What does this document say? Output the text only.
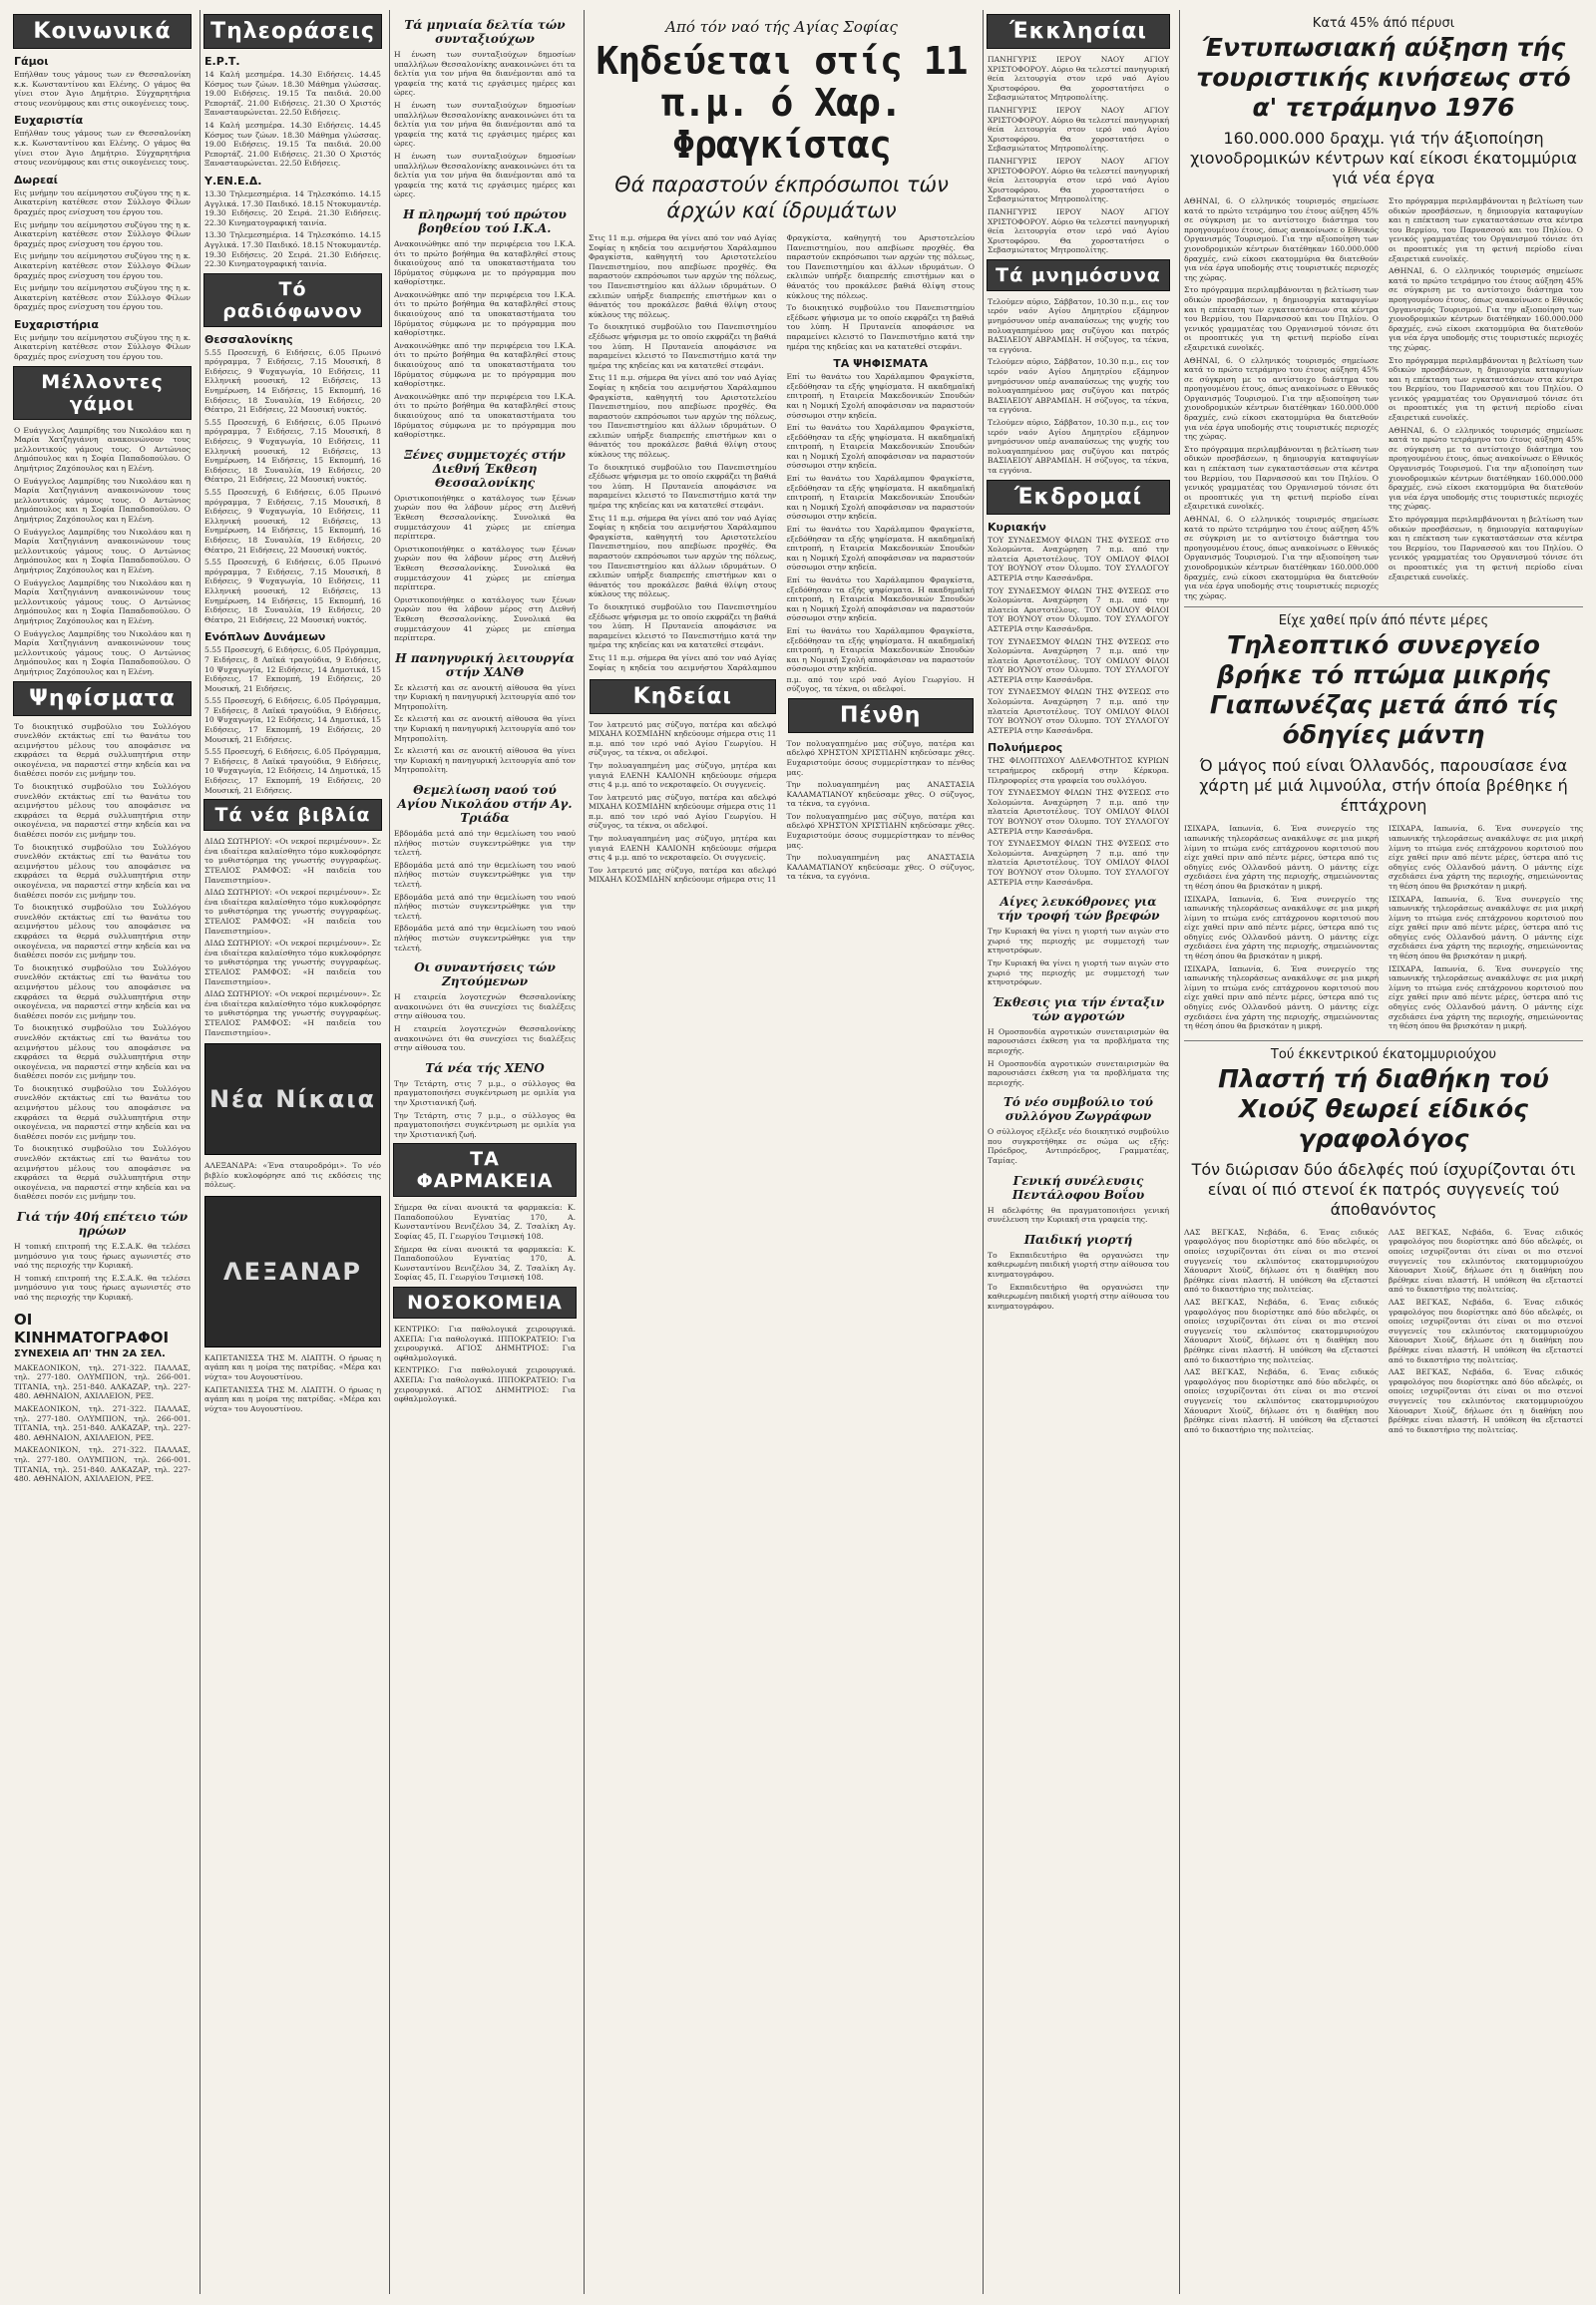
Κοινωνικά
Γάμοι

Επήλθαν τους γάμους των εν Θεσσαλονίκη κ.κ. Κωνσταντίνου και Ελένης. Ο γάμος θα γίνει στον Άγιο Δημήτριο. Σύγχαρητήρια στους νεονύμφους και στις οικογένειες τους.

Ευχαριστία

Επήλθαν τους γάμους των εν Θεσσαλονίκη κ.κ. Κωνσταντίνου και Ελένης. Ο γάμος θα γίνει στον Άγιο Δημήτριο. Σύγχαρητήρια στους νεονύμφους και στις οικογένειες τους.

Δωρεαί

Εις μνήμην του αείμνηστου συζύγου της η κ. Αικατερίνη κατέθεσε στον Σύλλογο Φίλων δραχμές προς ενίσχυση του έργου του.

Εις μνήμην του αείμνηστου συζύγου της η κ. Αικατερίνη κατέθεσε στον Σύλλογο Φίλων δραχμές προς ενίσχυση του έργου του.

Εις μνήμην του αείμνηστου συζύγου της η κ. Αικατερίνη κατέθεσε στον Σύλλογο Φίλων δραχμές προς ενίσχυση του έργου του.

Εις μνήμην του αείμνηστου συζύγου της η κ. Αικατερίνη κατέθεσε στον Σύλλογο Φίλων δραχμές προς ενίσχυση του έργου του.

Ευχαριστήρια

Εις μνήμην του αείμνηστου συζύγου της η κ. Αικατερίνη κατέθεσε στον Σύλλογο Φίλων δραχμές προς ενίσχυση του έργου του.

Μέλλοντες γάμοι

Ο Ευάγγελος Λαμπρίδης του Νικολάου και η Μαρία Χατζηγιάννη ανακοινώνουν τους μελλοντικούς γάμους τους. Ο Αντώνιος Δημόπουλος και η Σοφία Παπαδοπούλου. Ο Δημήτριος Ζαχόπουλος και η Ελένη.

Ο Ευάγγελος Λαμπρίδης του Νικολάου και η Μαρία Χατζηγιάννη ανακοινώνουν τους μελλοντικούς γάμους τους. Ο Αντώνιος Δημόπουλος και η Σοφία Παπαδοπούλου. Ο Δημήτριος Ζαχόπουλος και η Ελένη.

Ο Ευάγγελος Λαμπρίδης του Νικολάου και η Μαρία Χατζηγιάννη ανακοινώνουν τους μελλοντικούς γάμους τους. Ο Αντώνιος Δημόπουλος και η Σοφία Παπαδοπούλου. Ο Δημήτριος Ζαχόπουλος και η Ελένη.

Ο Ευάγγελος Λαμπρίδης του Νικολάου και η Μαρία Χατζηγιάννη ανακοινώνουν τους μελλοντικούς γάμους τους. Ο Αντώνιος Δημόπουλος και η Σοφία Παπαδοπούλου. Ο Δημήτριος Ζαχόπουλος και η Ελένη.

Ο Ευάγγελος Λαμπρίδης του Νικολάου και η Μαρία Χατζηγιάννη ανακοινώνουν τους μελλοντικούς γάμους τους. Ο Αντώνιος Δημόπουλος και η Σοφία Παπαδοπούλου. Ο Δημήτριος Ζαχόπουλος και η Ελένη.

Ψηφίσματα

Το διοικητικό συμβούλιο του Συλλόγου συνελθόν εκτάκτως επί τω θανάτω του αειμνήστου μέλους του αποφάσισε να εκφράσει τα θερμά συλλυπητήρια στην οικογένεια, να παραστεί στην κηδεία και να διαθέσει ποσόν εις μνήμην του.

Το διοικητικό συμβούλιο του Συλλόγου συνελθόν εκτάκτως επί τω θανάτω του αειμνήστου μέλους του αποφάσισε να εκφράσει τα θερμά συλλυπητήρια στην οικογένεια, να παραστεί στην κηδεία και να διαθέσει ποσόν εις μνήμην του.

Το διοικητικό συμβούλιο του Συλλόγου συνελθόν εκτάκτως επί τω θανάτω του αειμνήστου μέλους του αποφάσισε να εκφράσει τα θερμά συλλυπητήρια στην οικογένεια, να παραστεί στην κηδεία και να διαθέσει ποσόν εις μνήμην του.

Το διοικητικό συμβούλιο του Συλλόγου συνελθόν εκτάκτως επί τω θανάτω του αειμνήστου μέλους του αποφάσισε να εκφράσει τα θερμά συλλυπητήρια στην οικογένεια, να παραστεί στην κηδεία και να διαθέσει ποσόν εις μνήμην του.

Το διοικητικό συμβούλιο του Συλλόγου συνελθόν εκτάκτως επί τω θανάτω του αειμνήστου μέλους του αποφάσισε να εκφράσει τα θερμά συλλυπητήρια στην οικογένεια, να παραστεί στην κηδεία και να διαθέσει ποσόν εις μνήμην του.

Το διοικητικό συμβούλιο του Συλλόγου συνελθόν εκτάκτως επί τω θανάτω του αειμνήστου μέλους του αποφάσισε να εκφράσει τα θερμά συλλυπητήρια στην οικογένεια, να παραστεί στην κηδεία και να διαθέσει ποσόν εις μνήμην του.

Το διοικητικό συμβούλιο του Συλλόγου συνελθόν εκτάκτως επί τω θανάτω του αειμνήστου μέλους του αποφάσισε να εκφράσει τα θερμά συλλυπητήρια στην οικογένεια, να παραστεί στην κηδεία και να διαθέσει ποσόν εις μνήμην του.

Το διοικητικό συμβούλιο του Συλλόγου συνελθόν εκτάκτως επί τω θανάτω του αειμνήστου μέλους του αποφάσισε να εκφράσει τα θερμά συλλυπητήρια στην οικογένεια, να παραστεί στην κηδεία και να διαθέσει ποσόν εις μνήμην του.

Γιά τήν 40ή επέτειο τών ηρώων

Η τοπική επιτροπή της Ε.Σ.Α.Κ. θα τελέσει μνημόσυνο για τους ήρωες αγωνιστές στο ναό της περιοχής την Κυριακή.

Η τοπική επιτροπή της Ε.Σ.Α.Κ. θα τελέσει μνημόσυνο για τους ήρωες αγωνιστές στο ναό της περιοχής την Κυριακή.

ΟΙ ΚΙΝΗΜΑΤΟΓΡΑΦΟΙ
ΣΥΝΕΧΕΙΑ ΑΠ' ΤΗΝ 2Α ΣΕΛ.

ΜΑΚΕΔΟΝΙΚΟΝ, τηλ. 271-322. ΠΑΛΛΑΣ, τηλ. 277-180. ΟΛΥΜΠΙΟΝ, τηλ. 266-001. ΤΙΤΑΝΙΑ, τηλ. 251-840. ΑΛΚΑΖΑΡ, τηλ. 227-480. ΑΘΗΝΑΙΟΝ, ΑΧΙΛΛΕΙΟΝ, ΡΕΞ.

ΜΑΚΕΔΟΝΙΚΟΝ, τηλ. 271-322. ΠΑΛΛΑΣ, τηλ. 277-180. ΟΛΥΜΠΙΟΝ, τηλ. 266-001. ΤΙΤΑΝΙΑ, τηλ. 251-840. ΑΛΚΑΖΑΡ, τηλ. 227-480. ΑΘΗΝΑΙΟΝ, ΑΧΙΛΛΕΙΟΝ, ΡΕΞ.

ΜΑΚΕΔΟΝΙΚΟΝ, τηλ. 271-322. ΠΑΛΛΑΣ, τηλ. 277-180. ΟΛΥΜΠΙΟΝ, τηλ. 266-001. ΤΙΤΑΝΙΑ, τηλ. 251-840. ΑΛΚΑΖΑΡ, τηλ. 227-480. ΑΘΗΝΑΙΟΝ, ΑΧΙΛΛΕΙΟΝ, ΡΕΞ.

Τηλεοράσεις
Ε.Ρ.Τ.

14 Καλή μεσημέρα. 14.30 Ειδήσεις. 14.45 Κόσμος των ζώων. 18.30 Μάθημα γλώσσας. 19.00 Ειδήσεις. 19.15 Τα παιδιά. 20.00 Ρεπορτάζ. 21.00 Ειδήσεις. 21.30 Ο Χριστός Ξανασταυρώνεται. 22.50 Ειδήσεις.

14 Καλή μεσημέρα. 14.30 Ειδήσεις. 14.45 Κόσμος των ζώων. 18.30 Μάθημα γλώσσας. 19.00 Ειδήσεις. 19.15 Τα παιδιά. 20.00 Ρεπορτάζ. 21.00 Ειδήσεις. 21.30 Ο Χριστός Ξανασταυρώνεται. 22.50 Ειδήσεις.

Υ.ΕΝ.Ε.Δ.

13.30 Τηλεμεσημέρια. 14 Τηλεσκόπιο. 14.15 Αγγλικά. 17.30 Παιδικό. 18.15 Ντοκυμαντέρ. 19.30 Ειδήσεις. 20 Σειρά. 21.30 Ειδήσεις. 22.30 Κινηματογραφική ταινία.

13.30 Τηλεμεσημέρια. 14 Τηλεσκόπιο. 14.15 Αγγλικά. 17.30 Παιδικό. 18.15 Ντοκυμαντέρ. 19.30 Ειδήσεις. 20 Σειρά. 21.30 Ειδήσεις. 22.30 Κινηματογραφική ταινία.

Τό ραδιόφωνον
Θεσσαλονίκης

5.55 Προσευχή, 6 Ειδήσεις, 6.05 Πρωινό πρόγραμμα, 7 Ειδήσεις, 7.15 Μουσική, 8 Ειδήσεις, 9 Ψυχαγωγία, 10 Ειδήσεις, 11 Ελληνική μουσική, 12 Ειδήσεις, 13 Ενημέρωση, 14 Ειδήσεις, 15 Εκπομπή, 16 Ειδήσεις, 18 Συναυλία, 19 Ειδήσεις, 20 Θέατρο, 21 Ειδήσεις, 22 Μουσική νυκτός.

5.55 Προσευχή, 6 Ειδήσεις, 6.05 Πρωινό πρόγραμμα, 7 Ειδήσεις, 7.15 Μουσική, 8 Ειδήσεις, 9 Ψυχαγωγία, 10 Ειδήσεις, 11 Ελληνική μουσική, 12 Ειδήσεις, 13 Ενημέρωση, 14 Ειδήσεις, 15 Εκπομπή, 16 Ειδήσεις, 18 Συναυλία, 19 Ειδήσεις, 20 Θέατρο, 21 Ειδήσεις, 22 Μουσική νυκτός.

5.55 Προσευχή, 6 Ειδήσεις, 6.05 Πρωινό πρόγραμμα, 7 Ειδήσεις, 7.15 Μουσική, 8 Ειδήσεις, 9 Ψυχαγωγία, 10 Ειδήσεις, 11 Ελληνική μουσική, 12 Ειδήσεις, 13 Ενημέρωση, 14 Ειδήσεις, 15 Εκπομπή, 16 Ειδήσεις, 18 Συναυλία, 19 Ειδήσεις, 20 Θέατρο, 21 Ειδήσεις, 22 Μουσική νυκτός.

5.55 Προσευχή, 6 Ειδήσεις, 6.05 Πρωινό πρόγραμμα, 7 Ειδήσεις, 7.15 Μουσική, 8 Ειδήσεις, 9 Ψυχαγωγία, 10 Ειδήσεις, 11 Ελληνική μουσική, 12 Ειδήσεις, 13 Ενημέρωση, 14 Ειδήσεις, 15 Εκπομπή, 16 Ειδήσεις, 18 Συναυλία, 19 Ειδήσεις, 20 Θέατρο, 21 Ειδήσεις, 22 Μουσική νυκτός.

Ενόπλων Δυνάμεων

5.55 Προσευχή, 6 Ειδήσεις, 6.05 Πρόγραμμα, 7 Ειδήσεις, 8 Λαϊκά τραγούδια, 9 Ειδήσεις, 10 Ψυχαγωγία, 12 Ειδήσεις, 14 Δημοτικά, 15 Ειδήσεις, 17 Εκπομπή, 19 Ειδήσεις, 20 Μουσική, 21 Ειδήσεις.

5.55 Προσευχή, 6 Ειδήσεις, 6.05 Πρόγραμμα, 7 Ειδήσεις, 8 Λαϊκά τραγούδια, 9 Ειδήσεις, 10 Ψυχαγωγία, 12 Ειδήσεις, 14 Δημοτικά, 15 Ειδήσεις, 17 Εκπομπή, 19 Ειδήσεις, 20 Μουσική, 21 Ειδήσεις.

5.55 Προσευχή, 6 Ειδήσεις, 6.05 Πρόγραμμα, 7 Ειδήσεις, 8 Λαϊκά τραγούδια, 9 Ειδήσεις, 10 Ψυχαγωγία, 12 Ειδήσεις, 14 Δημοτικά, 15 Ειδήσεις, 17 Εκπομπή, 19 Ειδήσεις, 20 Μουσική, 21 Ειδήσεις.

Τά νέα βιβλία

ΔΙΔΩ ΣΩΤΗΡΙΟΥ: «Οι νεκροί περιμένουν». Σε ένα ιδιαίτερα καλαίσθητο τόμο κυκλοφόρησε το μυθιστόρημα της γνωστής συγγραφέως. ΣΤΕΛΙΟΣ ΡΑΜΦΟΣ: «Η παιδεία του Πανεπιστημίου».

ΔΙΔΩ ΣΩΤΗΡΙΟΥ: «Οι νεκροί περιμένουν». Σε ένα ιδιαίτερα καλαίσθητο τόμο κυκλοφόρησε το μυθιστόρημα της γνωστής συγγραφέως. ΣΤΕΛΙΟΣ ΡΑΜΦΟΣ: «Η παιδεία του Πανεπιστημίου».

ΔΙΔΩ ΣΩΤΗΡΙΟΥ: «Οι νεκροί περιμένουν». Σε ένα ιδιαίτερα καλαίσθητο τόμο κυκλοφόρησε το μυθιστόρημα της γνωστής συγγραφέως. ΣΤΕΛΙΟΣ ΡΑΜΦΟΣ: «Η παιδεία του Πανεπιστημίου».

ΔΙΔΩ ΣΩΤΗΡΙΟΥ: «Οι νεκροί περιμένουν». Σε ένα ιδιαίτερα καλαίσθητο τόμο κυκλοφόρησε το μυθιστόρημα της γνωστής συγγραφέως. ΣΤΕΛΙΟΣ ΡΑΜΦΟΣ: «Η παιδεία του Πανεπιστημίου».

Νέα Νίκαια

ΑΛΕΞΑΝΔΡΑ: «Ένα σταυροδρόμι». Το νέο βιβλίο κυκλοφόρησε από τις εκδόσεις της πόλεως.

ΛΕΞΑΝΑΡ

ΚΑΠΕΤΑΝΙΣΣΑ ΤΗΣ Μ. ΛΙΑΠΤΗ. Ο ήρωας η αγάπη και η μοίρα της πατρίδας. «Μέρα και νύχτα» του Αυγουστίνου.

ΚΑΠΕΤΑΝΙΣΣΑ ΤΗΣ Μ. ΛΙΑΠΤΗ. Ο ήρωας η αγάπη και η μοίρα της πατρίδας. «Μέρα και νύχτα» του Αυγουστίνου.

Τά μηνιαία δελτία τών συνταξιούχων

Η ένωση των συνταξιούχων δημοσίων υπαλλήλων Θεσσαλονίκης ανακοινώνει ότι τα δελτία για τον μήνα θα διανέμονται από τα γραφεία της κατά τις εργάσιμες ημέρες και ώρες.

Η ένωση των συνταξιούχων δημοσίων υπαλλήλων Θεσσαλονίκης ανακοινώνει ότι τα δελτία για τον μήνα θα διανέμονται από τα γραφεία της κατά τις εργάσιμες ημέρες και ώρες.

Η ένωση των συνταξιούχων δημοσίων υπαλλήλων Θεσσαλονίκης ανακοινώνει ότι τα δελτία για τον μήνα θα διανέμονται από τα γραφεία της κατά τις εργάσιμες ημέρες και ώρες.

Η πληρωμή τού πρώτου βοηθείου τού Ι.Κ.Α.

Ανακοινώθηκε από την περιφέρεια του Ι.Κ.Α. ότι το πρώτο βοήθημα θα καταβληθεί στους δικαιούχους από τα υποκαταστήματα του Ιδρύματος σύμφωνα με το πρόγραμμα που καθορίστηκε.

Ανακοινώθηκε από την περιφέρεια του Ι.Κ.Α. ότι το πρώτο βοήθημα θα καταβληθεί στους δικαιούχους από τα υποκαταστήματα του Ιδρύματος σύμφωνα με το πρόγραμμα που καθορίστηκε.

Ανακοινώθηκε από την περιφέρεια του Ι.Κ.Α. ότι το πρώτο βοήθημα θα καταβληθεί στους δικαιούχους από τα υποκαταστήματα του Ιδρύματος σύμφωνα με το πρόγραμμα που καθορίστηκε.

Ανακοινώθηκε από την περιφέρεια του Ι.Κ.Α. ότι το πρώτο βοήθημα θα καταβληθεί στους δικαιούχους από τα υποκαταστήματα του Ιδρύματος σύμφωνα με το πρόγραμμα που καθορίστηκε.

Ξένες συμμετοχές στήν Διεθνή Έκθεση Θεσσαλονίκης

Οριστικοποιήθηκε ο κατάλογος των ξένων χωρών που θα λάβουν μέρος στη Διεθνή Έκθεση Θεσσαλονίκης. Συνολικά θα συμμετάσχουν 41 χώρες με επίσημα περίπτερα.

Οριστικοποιήθηκε ο κατάλογος των ξένων χωρών που θα λάβουν μέρος στη Διεθνή Έκθεση Θεσσαλονίκης. Συνολικά θα συμμετάσχουν 41 χώρες με επίσημα περίπτερα.

Οριστικοποιήθηκε ο κατάλογος των ξένων χωρών που θα λάβουν μέρος στη Διεθνή Έκθεση Θεσσαλονίκης. Συνολικά θα συμμετάσχουν 41 χώρες με επίσημα περίπτερα.

Η πανηγυρική λειτουργία στήν ΧΑΝΘ

Σε κλειστή και σε ανοικτή αίθουσα θα γίνει την Κυριακή η πανηγυρική λειτουργία από τον Μητροπολίτη.

Σε κλειστή και σε ανοικτή αίθουσα θα γίνει την Κυριακή η πανηγυρική λειτουργία από τον Μητροπολίτη.

Σε κλειστή και σε ανοικτή αίθουσα θα γίνει την Κυριακή η πανηγυρική λειτουργία από τον Μητροπολίτη.

Θεμελίωση ναού τού Αγίου Νικολάου στήν Αγ. Τριάδα

Εβδομάδα μετά από την θεμελίωση του ναού πλήθος πιστών συγκεντρώθηκε για την τελετή.

Εβδομάδα μετά από την θεμελίωση του ναού πλήθος πιστών συγκεντρώθηκε για την τελετή.

Εβδομάδα μετά από την θεμελίωση του ναού πλήθος πιστών συγκεντρώθηκε για την τελετή.

Εβδομάδα μετά από την θεμελίωση του ναού πλήθος πιστών συγκεντρώθηκε για την τελετή.

Οι συναντήσεις τών Ζητούμενων

Η εταιρεία λογοτεχνών Θεσσαλονίκης ανακοινώνει ότι θα συνεχίσει τις διαλέξεις στην αίθουσα του.

Η εταιρεία λογοτεχνών Θεσσαλονίκης ανακοινώνει ότι θα συνεχίσει τις διαλέξεις στην αίθουσα του.

Τά νέα τής ΧΕΝΟ

Την Τετάρτη, στις 7 μ.μ., ο σύλλογος θα πραγματοποιήσει συγκέντρωση με ομιλία για την Χριστιανική ζωή.

Την Τετάρτη, στις 7 μ.μ., ο σύλλογος θα πραγματοποιήσει συγκέντρωση με ομιλία για την Χριστιανική ζωή.

ΤΑ ΦΑΡΜΑΚΕΙΑ

Σήμερα θα είναι ανοικτά τα φαρμακεία: Κ. Παπαδοπούλου Εγνατίας 170, Α. Κωνσταντίνου Βενιζέλου 34, Ζ. Τσαλίκη Αγ. Σοφίας 45, Π. Γεωργίου Τσιμισκή 108.

Σήμερα θα είναι ανοικτά τα φαρμακεία: Κ. Παπαδοπούλου Εγνατίας 170, Α. Κωνσταντίνου Βενιζέλου 34, Ζ. Τσαλίκη Αγ. Σοφίας 45, Π. Γεωργίου Τσιμισκή 108.

ΝΟΣΟΚΟΜΕΙΑ

ΚΕΝΤΡΙΚΟ: Για παθολογικά χειρουργικά. ΑΧΕΠΑ: Για παθολογικά. ΙΠΠΟΚΡΑΤΕΙΟ: Για χειρουργικά. ΑΓΙΟΣ ΔΗΜΗΤΡΙΟΣ: Για οφθαλμολογικά.

ΚΕΝΤΡΙΚΟ: Για παθολογικά χειρουργικά. ΑΧΕΠΑ: Για παθολογικά. ΙΠΠΟΚΡΑΤΕΙΟ: Για χειρουργικά. ΑΓΙΟΣ ΔΗΜΗΤΡΙΟΣ: Για οφθαλμολογικά.

Από τόν ναό τής Αγίας Σοφίας
Κηδεύεται στίς 11 π.μ. ό Χαρ. Φραγκίστας
Θά παραστούν έκπρόσωποι τών άρχών καί ίδρυμάτων

Στις 11 π.μ. σήμερα θα γίνει από τον ναό Αγίας Σοφίας η κηδεία του αειμνήστου Χαράλαμπου Φραγκίστα, καθηγητή του Αριστοτελείου Πανεπιστημίου, που απεβίωσε προχθές. Θα παραστούν εκπρόσωποι των αρχών της πόλεως, του Πανεπιστημίου και άλλων ιδρυμάτων. Ο εκλιπών υπήρξε διαπρεπής επιστήμων και ο θάνατός του προκάλεσε βαθιά θλίψη στους κύκλους της πόλεως.

Το διοικητικό συμβούλιο του Πανεπιστημίου εξέδωσε ψήφισμα με το οποίο εκφράζει τη βαθιά του λύπη. Η Πρυτανεία αποφάσισε να παραμείνει κλειστό το Πανεπιστήμιο κατά την ημέρα της κηδείας και να κατατεθεί στεφάνι.

Στις 11 π.μ. σήμερα θα γίνει από τον ναό Αγίας Σοφίας η κηδεία του αειμνήστου Χαράλαμπου Φραγκίστα, καθηγητή του Αριστοτελείου Πανεπιστημίου, που απεβίωσε προχθές. Θα παραστούν εκπρόσωποι των αρχών της πόλεως, του Πανεπιστημίου και άλλων ιδρυμάτων. Ο εκλιπών υπήρξε διαπρεπής επιστήμων και ο θάνατός του προκάλεσε βαθιά θλίψη στους κύκλους της πόλεως.

Το διοικητικό συμβούλιο του Πανεπιστημίου εξέδωσε ψήφισμα με το οποίο εκφράζει τη βαθιά του λύπη. Η Πρυτανεία αποφάσισε να παραμείνει κλειστό το Πανεπιστήμιο κατά την ημέρα της κηδείας και να κατατεθεί στεφάνι.

Στις 11 π.μ. σήμερα θα γίνει από τον ναό Αγίας Σοφίας η κηδεία του αειμνήστου Χαράλαμπου Φραγκίστα, καθηγητή του Αριστοτελείου Πανεπιστημίου, που απεβίωσε προχθές. Θα παραστούν εκπρόσωποι των αρχών της πόλεως, του Πανεπιστημίου και άλλων ιδρυμάτων. Ο εκλιπών υπήρξε διαπρεπής επιστήμων και ο θάνατός του προκάλεσε βαθιά θλίψη στους κύκλους της πόλεως.

Το διοικητικό συμβούλιο του Πανεπιστημίου εξέδωσε ψήφισμα με το οποίο εκφράζει τη βαθιά του λύπη. Η Πρυτανεία αποφάσισε να παραμείνει κλειστό το Πανεπιστήμιο κατά την ημέρα της κηδείας και να κατατεθεί στεφάνι.

Στις 11 π.μ. σήμερα θα γίνει από τον ναό Αγίας Σοφίας η κηδεία του αειμνήστου Χαράλαμπου Φραγκίστα, καθηγητή του Αριστοτελείου Πανεπιστημίου, που απεβίωσε προχθές. Θα παραστούν εκπρόσωποι των αρχών της πόλεως, του Πανεπιστημίου και άλλων ιδρυμάτων. Ο εκλιπών υπήρξε διαπρεπής επιστήμων και ο θάνατός του προκάλεσε βαθιά θλίψη στους κύκλους της πόλεως.

Το διοικητικό συμβούλιο του Πανεπιστημίου εξέδωσε ψήφισμα με το οποίο εκφράζει τη βαθιά του λύπη. Η Πρυτανεία αποφάσισε να παραμείνει κλειστό το Πανεπιστήμιο κατά την ημέρα της κηδείας και να κατατεθεί στεφάνι.

ΤΑ ΨΗΦΙΣΜΑΤΑ

Επί τω θανάτω του Χαράλαμπου Φραγκίστα, εξεδόθησαν τα εξής ψηφίσματα. Η ακαδημαϊκή επιτροπή, η Εταιρεία Μακεδονικών Σπουδών και η Νομική Σχολή αποφάσισαν να παραστούν σύσσωμοι στην κηδεία.

Επί τω θανάτω του Χαράλαμπου Φραγκίστα, εξεδόθησαν τα εξής ψηφίσματα. Η ακαδημαϊκή επιτροπή, η Εταιρεία Μακεδονικών Σπουδών και η Νομική Σχολή αποφάσισαν να παραστούν σύσσωμοι στην κηδεία.

Επί τω θανάτω του Χαράλαμπου Φραγκίστα, εξεδόθησαν τα εξής ψηφίσματα. Η ακαδημαϊκή επιτροπή, η Εταιρεία Μακεδονικών Σπουδών και η Νομική Σχολή αποφάσισαν να παραστούν σύσσωμοι στην κηδεία.

Επί τω θανάτω του Χαράλαμπου Φραγκίστα, εξεδόθησαν τα εξής ψηφίσματα. Η ακαδημαϊκή επιτροπή, η Εταιρεία Μακεδονικών Σπουδών και η Νομική Σχολή αποφάσισαν να παραστούν σύσσωμοι στην κηδεία.

Επί τω θανάτω του Χαράλαμπου Φραγκίστα, εξεδόθησαν τα εξής ψηφίσματα. Η ακαδημαϊκή επιτροπή, η Εταιρεία Μακεδονικών Σπουδών και η Νομική Σχολή αποφάσισαν να παραστούν σύσσωμοι στην κηδεία.

Επί τω θανάτω του Χαράλαμπου Φραγκίστα, εξεδόθησαν τα εξής ψηφίσματα. Η ακαδημαϊκή επιτροπή, η Εταιρεία Μακεδονικών Σπουδών και η Νομική Σχολή αποφάσισαν να παραστούν σύσσωμοι στην κηδεία.

Κηδείαι

Τον λατρευτό μας σύζυγο, πατέρα και αδελφό ΜΙΧΑΗΛ ΚΟΣΜΙΔΗΝ κηδεύουμε σήμερα στις 11 π.μ. από τον ιερό ναό Αγίου Γεωργίου. Η σύζυγος, τα τέκνα, οι αδελφοί.

Την πολυαγαπημένη μας σύζυγο, μητέρα και γιαγιά ΕΛΕΝΗ ΚΑΛΙΟΝΗ κηδεύουμε σήμερα στις 4 μ.μ. από το νεκροταφείο. Οι συγγενείς.

Τον λατρευτό μας σύζυγο, πατέρα και αδελφό ΜΙΧΑΗΛ ΚΟΣΜΙΔΗΝ κηδεύουμε σήμερα στις 11 π.μ. από τον ιερό ναό Αγίου Γεωργίου. Η σύζυγος, τα τέκνα, οι αδελφοί.

Την πολυαγαπημένη μας σύζυγο, μητέρα και γιαγιά ΕΛΕΝΗ ΚΑΛΙΟΝΗ κηδεύουμε σήμερα στις 4 μ.μ. από το νεκροταφείο. Οι συγγενείς.

Τον λατρευτό μας σύζυγο, πατέρα και αδελφό ΜΙΧΑΗΛ ΚΟΣΜΙΔΗΝ κηδεύουμε σήμερα στις 11 π.μ. από τον ιερό ναό Αγίου Γεωργίου. Η σύζυγος, τα τέκνα, οι αδελφοί.

Πένθη

Τον πολυαγαπημένο μας σύζυγο, πατέρα και αδελφό ΧΡΗΣΤΟΝ ΧΡΙΣΤΙΔΗΝ κηδεύσαμε χθες. Ευχαριστούμε όσους συμμερίστηκαν το πένθος μας.

Την πολυαγαπημένη μας ΑΝΑΣΤΑΣΙΑ ΚΑΛΑΜΑΤΙΑΝΟΥ κηδεύσαμε χθες. Ο σύζυγος, τα τέκνα, τα εγγόνια.

Τον πολυαγαπημένο μας σύζυγο, πατέρα και αδελφό ΧΡΗΣΤΟΝ ΧΡΙΣΤΙΔΗΝ κηδεύσαμε χθες. Ευχαριστούμε όσους συμμερίστηκαν το πένθος μας.

Την πολυαγαπημένη μας ΑΝΑΣΤΑΣΙΑ ΚΑΛΑΜΑΤΙΑΝΟΥ κηδεύσαμε χθες. Ο σύζυγος, τα τέκνα, τα εγγόνια.

Έκκλησίαι

ΠΑΝΗΓΥΡΙΣ ΙΕΡΟΥ ΝΑΟΥ ΑΓΙΟΥ ΧΡΙΣΤΟΦΟΡΟΥ. Αύριο θα τελεστεί πανηγυρική θεία λειτουργία στον ιερό ναό Αγίου Χριστοφόρου. Θα χοροστατήσει ο Σεβασμιώτατος Μητροπολίτης.

ΠΑΝΗΓΥΡΙΣ ΙΕΡΟΥ ΝΑΟΥ ΑΓΙΟΥ ΧΡΙΣΤΟΦΟΡΟΥ. Αύριο θα τελεστεί πανηγυρική θεία λειτουργία στον ιερό ναό Αγίου Χριστοφόρου. Θα χοροστατήσει ο Σεβασμιώτατος Μητροπολίτης.

ΠΑΝΗΓΥΡΙΣ ΙΕΡΟΥ ΝΑΟΥ ΑΓΙΟΥ ΧΡΙΣΤΟΦΟΡΟΥ. Αύριο θα τελεστεί πανηγυρική θεία λειτουργία στον ιερό ναό Αγίου Χριστοφόρου. Θα χοροστατήσει ο Σεβασμιώτατος Μητροπολίτης.

ΠΑΝΗΓΥΡΙΣ ΙΕΡΟΥ ΝΑΟΥ ΑΓΙΟΥ ΧΡΙΣΤΟΦΟΡΟΥ. Αύριο θα τελεστεί πανηγυρική θεία λειτουργία στον ιερό ναό Αγίου Χριστοφόρου. Θα χοροστατήσει ο Σεβασμιώτατος Μητροπολίτης.

Τά μνημόσυνα

Τελούμεν αύριο, Σάββατον, 10.30 π.μ., εις τον ιερόν ναόν Αγίου Δημητρίου εξάμηνον μνημόσυνον υπέρ αναπαύσεως της ψυχής του πολυαγαπημένου μας συζύγου και πατρός ΒΑΣΙΛΕΙΟΥ ΑΒΡΑΜΙΔΗ. Η σύζυγος, τα τέκνα, τα εγγόνια.

Τελούμεν αύριο, Σάββατον, 10.30 π.μ., εις τον ιερόν ναόν Αγίου Δημητρίου εξάμηνον μνημόσυνον υπέρ αναπαύσεως της ψυχής του πολυαγαπημένου μας συζύγου και πατρός ΒΑΣΙΛΕΙΟΥ ΑΒΡΑΜΙΔΗ. Η σύζυγος, τα τέκνα, τα εγγόνια.

Τελούμεν αύριο, Σάββατον, 10.30 π.μ., εις τον ιερόν ναόν Αγίου Δημητρίου εξάμηνον μνημόσυνον υπέρ αναπαύσεως της ψυχής του πολυαγαπημένου μας συζύγου και πατρός ΒΑΣΙΛΕΙΟΥ ΑΒΡΑΜΙΔΗ. Η σύζυγος, τα τέκνα, τα εγγόνια.

Έκδρομαί
Κυριακήν

ΤΟΥ ΣΥΝΔΕΣΜΟΥ ΦΙΛΩΝ ΤΗΣ ΦΥΣΕΩΣ στο Χολομώντα. Αναχώρηση 7 π.μ. από την πλατεία Αριστοτέλους. ΤΟΥ ΟΜΙΛΟΥ ΦΙΛΟΙ ΤΟΥ ΒΟΥΝΟΥ στον Όλυμπο. ΤΟΥ ΣΥΛΛΟΓΟΥ ΑΣΤΕΡΙΑ στην Κασσάνδρα.

ΤΟΥ ΣΥΝΔΕΣΜΟΥ ΦΙΛΩΝ ΤΗΣ ΦΥΣΕΩΣ στο Χολομώντα. Αναχώρηση 7 π.μ. από την πλατεία Αριστοτέλους. ΤΟΥ ΟΜΙΛΟΥ ΦΙΛΟΙ ΤΟΥ ΒΟΥΝΟΥ στον Όλυμπο. ΤΟΥ ΣΥΛΛΟΓΟΥ ΑΣΤΕΡΙΑ στην Κασσάνδρα.

ΤΟΥ ΣΥΝΔΕΣΜΟΥ ΦΙΛΩΝ ΤΗΣ ΦΥΣΕΩΣ στο Χολομώντα. Αναχώρηση 7 π.μ. από την πλατεία Αριστοτέλους. ΤΟΥ ΟΜΙΛΟΥ ΦΙΛΟΙ ΤΟΥ ΒΟΥΝΟΥ στον Όλυμπο. ΤΟΥ ΣΥΛΛΟΓΟΥ ΑΣΤΕΡΙΑ στην Κασσάνδρα.

ΤΟΥ ΣΥΝΔΕΣΜΟΥ ΦΙΛΩΝ ΤΗΣ ΦΥΣΕΩΣ στο Χολομώντα. Αναχώρηση 7 π.μ. από την πλατεία Αριστοτέλους. ΤΟΥ ΟΜΙΛΟΥ ΦΙΛΟΙ ΤΟΥ ΒΟΥΝΟΥ στον Όλυμπο. ΤΟΥ ΣΥΛΛΟΓΟΥ ΑΣΤΕΡΙΑ στην Κασσάνδρα.

Πολυήμερος

ΤΗΣ ΦΙΛΟΠΤΩΧΟΥ ΑΔΕΛΦΟΤΗΤΟΣ ΚΥΡΙΩΝ τετραήμερος εκδρομή στην Κέρκυρα. Πληροφορίες στα γραφεία του συλλόγου.

ΤΟΥ ΣΥΝΔΕΣΜΟΥ ΦΙΛΩΝ ΤΗΣ ΦΥΣΕΩΣ στο Χολομώντα. Αναχώρηση 7 π.μ. από την πλατεία Αριστοτέλους. ΤΟΥ ΟΜΙΛΟΥ ΦΙΛΟΙ ΤΟΥ ΒΟΥΝΟΥ στον Όλυμπο. ΤΟΥ ΣΥΛΛΟΓΟΥ ΑΣΤΕΡΙΑ στην Κασσάνδρα.

ΤΟΥ ΣΥΝΔΕΣΜΟΥ ΦΙΛΩΝ ΤΗΣ ΦΥΣΕΩΣ στο Χολομώντα. Αναχώρηση 7 π.μ. από την πλατεία Αριστοτέλους. ΤΟΥ ΟΜΙΛΟΥ ΦΙΛΟΙ ΤΟΥ ΒΟΥΝΟΥ στον Όλυμπο. ΤΟΥ ΣΥΛΛΟΓΟΥ ΑΣΤΕΡΙΑ στην Κασσάνδρα.

Αίγες λευκόθρονες για τήν τροφή τών βρεφών

Την Κυριακή θα γίνει η γιορτή των αιγών στο χωριό της περιοχής με συμμετοχή των κτηνοτρόφων.

Την Κυριακή θα γίνει η γιορτή των αιγών στο χωριό της περιοχής με συμμετοχή των κτηνοτρόφων.

Έκθεσις για τήν ένταξιν τών αγροτών

Η Ομοσπονδία αγροτικών συνεταιρισμών θα παρουσιάσει έκθεση για τα προβλήματα της περιοχής.

Η Ομοσπονδία αγροτικών συνεταιρισμών θα παρουσιάσει έκθεση για τα προβλήματα της περιοχής.

Τό νέο συμβούλιο τού συλλόγου Ζωγράφων

Ο σύλλογος εξέλεξε νέο διοικητικό συμβούλιο που συγκροτήθηκε σε σώμα ως εξής: Πρόεδρος, Αντιπρόεδρος, Γραμματέας, Ταμίας.

Γενική συνέλευσις Πεντάλοφου Βοΐου

Η αδελφότης θα πραγματοποιήσει γενική συνέλευση την Κυριακή στα γραφεία της.

Παιδική γιορτή

Το Εκπαιδευτήριο θα οργανώσει την καθιερωμένη παιδική γιορτή στην αίθουσα του κινηματογράφου.

Το Εκπαιδευτήριο θα οργανώσει την καθιερωμένη παιδική γιορτή στην αίθουσα του κινηματογράφου.

Κατά 45% άπό πέρυσι
Έντυπωσιακή αύξηση τής τουριστικής κινήσεως στό α' τετράμηνο 1976
160.000.000 δραχμ. γιά τήν άξιοποίηση χιονοδρομικών κέντρων καί είκοσι έκατομμύρια γιά νέα έργα

ΑΘΗΝΑΙ, 6. Ο ελληνικός τουρισμός σημείωσε κατά το πρώτο τετράμηνο του έτους αύξηση 45% σε σύγκριση με το αντίστοιχο διάστημα του προηγουμένου έτους, όπως ανακοίνωσε ο Εθνικός Οργανισμός Τουρισμού. Για την αξιοποίηση των χιονοδρομικών κέντρων διατέθηκαν 160.000.000 δραχμές, ενώ είκοσι εκατομμύρια θα διατεθούν για νέα έργα υποδομής στις τουριστικές περιοχές της χώρας.

Στο πρόγραμμα περιλαμβάνονται η βελτίωση των οδικών προσβάσεων, η δημιουργία καταφυγίων και η επέκταση των εγκαταστάσεων στα κέντρα του Βερμίου, του Παρνασσού και του Πηλίου. Ο γενικός γραμματέας του Οργανισμού τόνισε ότι οι προοπτικές για τη φετινή περίοδο είναι εξαιρετικά ευνοϊκές.

ΑΘΗΝΑΙ, 6. Ο ελληνικός τουρισμός σημείωσε κατά το πρώτο τετράμηνο του έτους αύξηση 45% σε σύγκριση με το αντίστοιχο διάστημα του προηγουμένου έτους, όπως ανακοίνωσε ο Εθνικός Οργανισμός Τουρισμού. Για την αξιοποίηση των χιονοδρομικών κέντρων διατέθηκαν 160.000.000 δραχμές, ενώ είκοσι εκατομμύρια θα διατεθούν για νέα έργα υποδομής στις τουριστικές περιοχές της χώρας.

Στο πρόγραμμα περιλαμβάνονται η βελτίωση των οδικών προσβάσεων, η δημιουργία καταφυγίων και η επέκταση των εγκαταστάσεων στα κέντρα του Βερμίου, του Παρνασσού και του Πηλίου. Ο γενικός γραμματέας του Οργανισμού τόνισε ότι οι προοπτικές για τη φετινή περίοδο είναι εξαιρετικά ευνοϊκές.

ΑΘΗΝΑΙ, 6. Ο ελληνικός τουρισμός σημείωσε κατά το πρώτο τετράμηνο του έτους αύξηση 45% σε σύγκριση με το αντίστοιχο διάστημα του προηγουμένου έτους, όπως ανακοίνωσε ο Εθνικός Οργανισμός Τουρισμού. Για την αξιοποίηση των χιονοδρομικών κέντρων διατέθηκαν 160.000.000 δραχμές, ενώ είκοσι εκατομμύρια θα διατεθούν για νέα έργα υποδομής στις τουριστικές περιοχές της χώρας.

Στο πρόγραμμα περιλαμβάνονται η βελτίωση των οδικών προσβάσεων, η δημιουργία καταφυγίων και η επέκταση των εγκαταστάσεων στα κέντρα του Βερμίου, του Παρνασσού και του Πηλίου. Ο γενικός γραμματέας του Οργανισμού τόνισε ότι οι προοπτικές για τη φετινή περίοδο είναι εξαιρετικά ευνοϊκές.

ΑΘΗΝΑΙ, 6. Ο ελληνικός τουρισμός σημείωσε κατά το πρώτο τετράμηνο του έτους αύξηση 45% σε σύγκριση με το αντίστοιχο διάστημα του προηγουμένου έτους, όπως ανακοίνωσε ο Εθνικός Οργανισμός Τουρισμού. Για την αξιοποίηση των χιονοδρομικών κέντρων διατέθηκαν 160.000.000 δραχμές, ενώ είκοσι εκατομμύρια θα διατεθούν για νέα έργα υποδομής στις τουριστικές περιοχές της χώρας.

Στο πρόγραμμα περιλαμβάνονται η βελτίωση των οδικών προσβάσεων, η δημιουργία καταφυγίων και η επέκταση των εγκαταστάσεων στα κέντρα του Βερμίου, του Παρνασσού και του Πηλίου. Ο γενικός γραμματέας του Οργανισμού τόνισε ότι οι προοπτικές για τη φετινή περίοδο είναι εξαιρετικά ευνοϊκές.

ΑΘΗΝΑΙ, 6. Ο ελληνικός τουρισμός σημείωσε κατά το πρώτο τετράμηνο του έτους αύξηση 45% σε σύγκριση με το αντίστοιχο διάστημα του προηγουμένου έτους, όπως ανακοίνωσε ο Εθνικός Οργανισμός Τουρισμού. Για την αξιοποίηση των χιονοδρομικών κέντρων διατέθηκαν 160.000.000 δραχμές, ενώ είκοσι εκατομμύρια θα διατεθούν για νέα έργα υποδομής στις τουριστικές περιοχές της χώρας.

Στο πρόγραμμα περιλαμβάνονται η βελτίωση των οδικών προσβάσεων, η δημιουργία καταφυγίων και η επέκταση των εγκαταστάσεων στα κέντρα του Βερμίου, του Παρνασσού και του Πηλίου. Ο γενικός γραμματέας του Οργανισμού τόνισε ότι οι προοπτικές για τη φετινή περίοδο είναι εξαιρετικά ευνοϊκές.

Είχε χαθεί πρίν άπό πέντε μέρες
Τηλεοπτικό συνεργείο βρήκε τό πτώμα μικρής Γιαπωνέζας μετά άπό τίς όδηγίες μάντη
Ό μάγος πού είναι Όλλανδός, παρουσίασε ένα χάρτη μέ μιά λιμνούλα, στήν όποία βρέθηκε ή έπτάχρονη

ΙΣΙΧΑΡΑ, Ιαπωνία, 6. Ένα συνεργείο της ιαπωνικής τηλεοράσεως ανακάλυψε σε μια μικρή λίμνη το πτώμα ενός επτάχρονου κοριτσιού που είχε χαθεί πριν από πέντε μέρες, ύστερα από τις οδηγίες ενός Ολλανδού μάντη. Ο μάντης είχε σχεδιάσει ένα χάρτη της περιοχής, σημειώνοντας τη θέση όπου θα βρισκόταν η μικρή.

ΙΣΙΧΑΡΑ, Ιαπωνία, 6. Ένα συνεργείο της ιαπωνικής τηλεοράσεως ανακάλυψε σε μια μικρή λίμνη το πτώμα ενός επτάχρονου κοριτσιού που είχε χαθεί πριν από πέντε μέρες, ύστερα από τις οδηγίες ενός Ολλανδού μάντη. Ο μάντης είχε σχεδιάσει ένα χάρτη της περιοχής, σημειώνοντας τη θέση όπου θα βρισκόταν η μικρή.

ΙΣΙΧΑΡΑ, Ιαπωνία, 6. Ένα συνεργείο της ιαπωνικής τηλεοράσεως ανακάλυψε σε μια μικρή λίμνη το πτώμα ενός επτάχρονου κοριτσιού που είχε χαθεί πριν από πέντε μέρες, ύστερα από τις οδηγίες ενός Ολλανδού μάντη. Ο μάντης είχε σχεδιάσει ένα χάρτη της περιοχής, σημειώνοντας τη θέση όπου θα βρισκόταν η μικρή.

ΙΣΙΧΑΡΑ, Ιαπωνία, 6. Ένα συνεργείο της ιαπωνικής τηλεοράσεως ανακάλυψε σε μια μικρή λίμνη το πτώμα ενός επτάχρονου κοριτσιού που είχε χαθεί πριν από πέντε μέρες, ύστερα από τις οδηγίες ενός Ολλανδού μάντη. Ο μάντης είχε σχεδιάσει ένα χάρτη της περιοχής, σημειώνοντας τη θέση όπου θα βρισκόταν η μικρή.

ΙΣΙΧΑΡΑ, Ιαπωνία, 6. Ένα συνεργείο της ιαπωνικής τηλεοράσεως ανακάλυψε σε μια μικρή λίμνη το πτώμα ενός επτάχρονου κοριτσιού που είχε χαθεί πριν από πέντε μέρες, ύστερα από τις οδηγίες ενός Ολλανδού μάντη. Ο μάντης είχε σχεδιάσει ένα χάρτη της περιοχής, σημειώνοντας τη θέση όπου θα βρισκόταν η μικρή.

ΙΣΙΧΑΡΑ, Ιαπωνία, 6. Ένα συνεργείο της ιαπωνικής τηλεοράσεως ανακάλυψε σε μια μικρή λίμνη το πτώμα ενός επτάχρονου κοριτσιού που είχε χαθεί πριν από πέντε μέρες, ύστερα από τις οδηγίες ενός Ολλανδού μάντη. Ο μάντης είχε σχεδιάσει ένα χάρτη της περιοχής, σημειώνοντας τη θέση όπου θα βρισκόταν η μικρή.

Τού έκκεντρικού έκατομμυριούχου
Πλαστή τή διαθήκη τού Χιούζ θεωρεί είδικός γραφολόγος
Τόν διώρισαν δύο άδελφές πού ίσχυρίζονται ότι είναι οί πιό στενοί έκ πατρός συγγενείς τού άποθανόντος

ΛΑΣ ΒΕΓΚΑΣ, Νεβάδα, 6. Ένας ειδικός γραφολόγος που διορίστηκε από δύο αδελφές, οι οποίες ισχυρίζονται ότι είναι οι πιο στενοί συγγενείς του εκλιπόντος εκατομμυριούχου Χάουαρντ Χιούζ, δήλωσε ότι η διαθήκη που βρέθηκε είναι πλαστή. Η υπόθεση θα εξεταστεί από το δικαστήριο της πολιτείας.

ΛΑΣ ΒΕΓΚΑΣ, Νεβάδα, 6. Ένας ειδικός γραφολόγος που διορίστηκε από δύο αδελφές, οι οποίες ισχυρίζονται ότι είναι οι πιο στενοί συγγενείς του εκλιπόντος εκατομμυριούχου Χάουαρντ Χιούζ, δήλωσε ότι η διαθήκη που βρέθηκε είναι πλαστή. Η υπόθεση θα εξεταστεί από το δικαστήριο της πολιτείας.

ΛΑΣ ΒΕΓΚΑΣ, Νεβάδα, 6. Ένας ειδικός γραφολόγος που διορίστηκε από δύο αδελφές, οι οποίες ισχυρίζονται ότι είναι οι πιο στενοί συγγενείς του εκλιπόντος εκατομμυριούχου Χάουαρντ Χιούζ, δήλωσε ότι η διαθήκη που βρέθηκε είναι πλαστή. Η υπόθεση θα εξεταστεί από το δικαστήριο της πολιτείας.

ΛΑΣ ΒΕΓΚΑΣ, Νεβάδα, 6. Ένας ειδικός γραφολόγος που διορίστηκε από δύο αδελφές, οι οποίες ισχυρίζονται ότι είναι οι πιο στενοί συγγενείς του εκλιπόντος εκατομμυριούχου Χάουαρντ Χιούζ, δήλωσε ότι η διαθήκη που βρέθηκε είναι πλαστή. Η υπόθεση θα εξεταστεί από το δικαστήριο της πολιτείας.

ΛΑΣ ΒΕΓΚΑΣ, Νεβάδα, 6. Ένας ειδικός γραφολόγος που διορίστηκε από δύο αδελφές, οι οποίες ισχυρίζονται ότι είναι οι πιο στενοί συγγενείς του εκλιπόντος εκατομμυριούχου Χάουαρντ Χιούζ, δήλωσε ότι η διαθήκη που βρέθηκε είναι πλαστή. Η υπόθεση θα εξεταστεί από το δικαστήριο της πολιτείας.

ΛΑΣ ΒΕΓΚΑΣ, Νεβάδα, 6. Ένας ειδικός γραφολόγος που διορίστηκε από δύο αδελφές, οι οποίες ισχυρίζονται ότι είναι οι πιο στενοί συγγενείς του εκλιπόντος εκατομμυριούχου Χάουαρντ Χιούζ, δήλωσε ότι η διαθήκη που βρέθηκε είναι πλαστή. Η υπόθεση θα εξεταστεί από το δικαστήριο της πολιτείας.
